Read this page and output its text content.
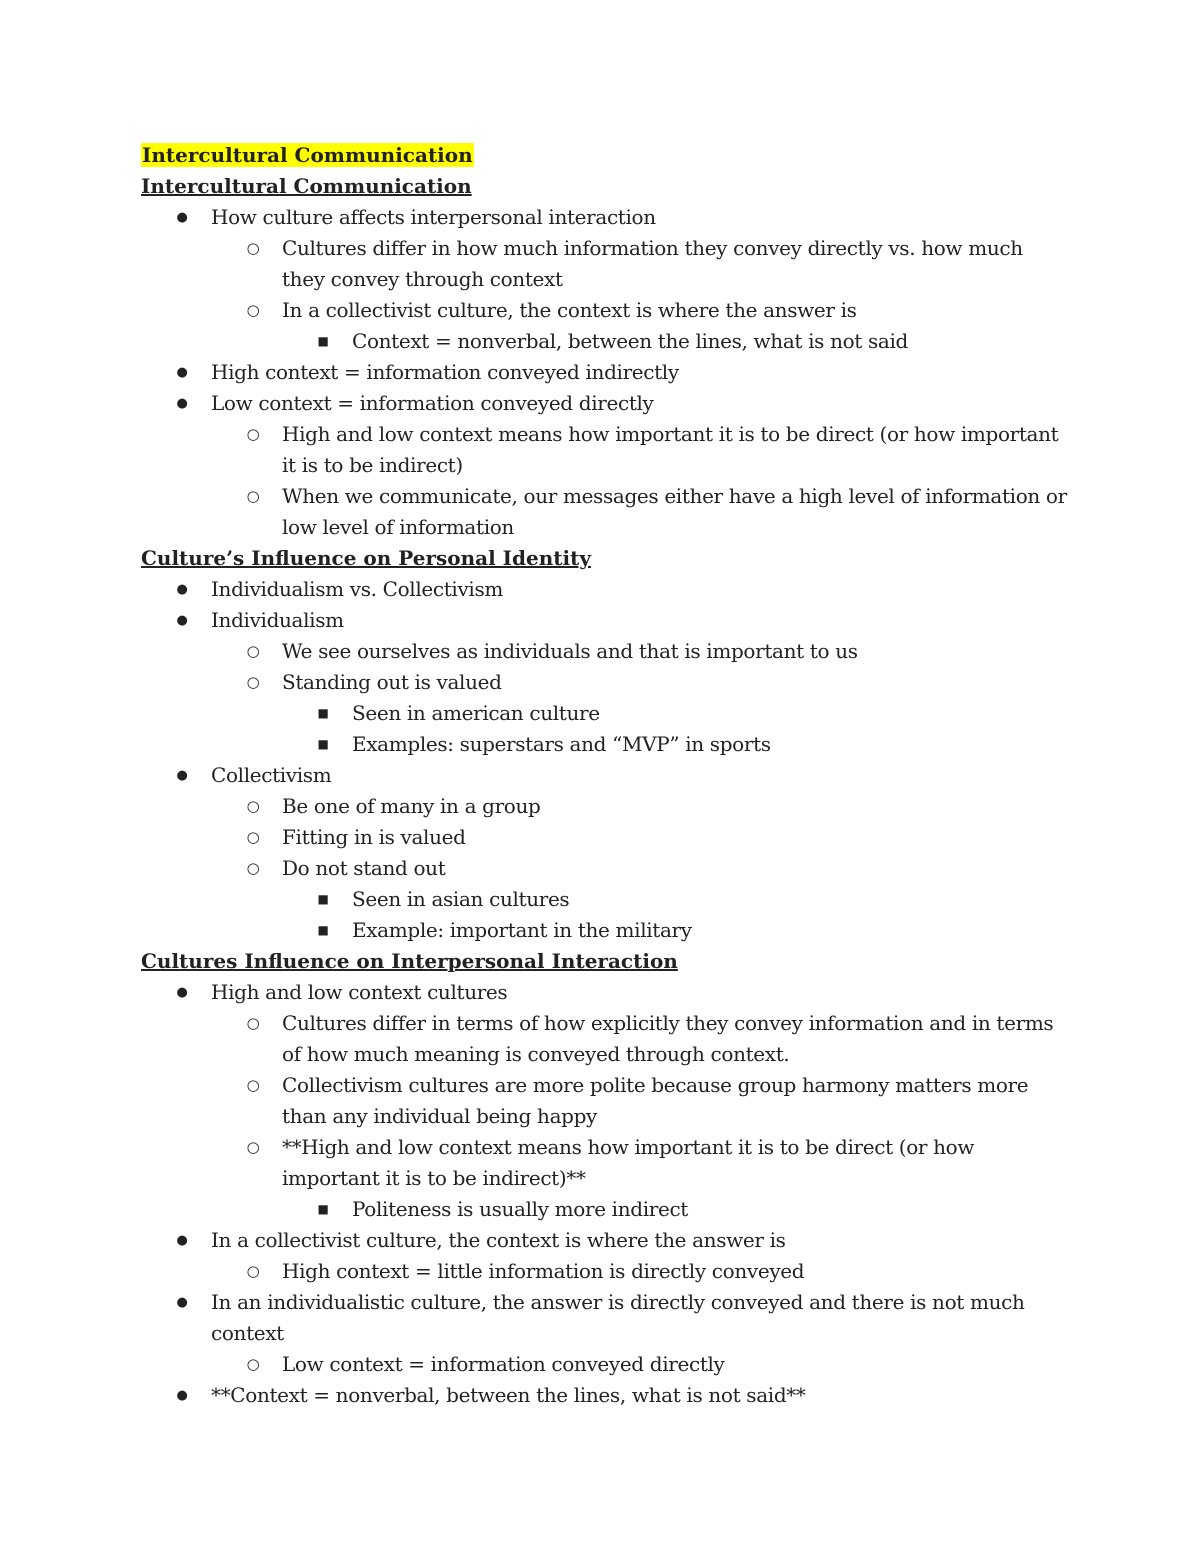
Intercultural Communication
Intercultural Communication
● How culture affects interpersonal interaction
○ Cultures differ in how much information they convey directly vs. how much they convey through context
○ In a collectivist culture, the context is where the answer is
■ Context = nonverbal, between the lines, what is not said
● High context = information conveyed indirectly
● Low context = information conveyed directly
○ High and low context means how important it is to be direct (or how important it is to be indirect)
○ When we communicate, our messages either have a high level of information or low level of information
Culture’s Influence on Personal Identity
● Individualism vs. Collectivism
● Individualism
○ We see ourselves as individuals and that is important to us
○ Standing out is valued
■ Seen in american culture
■ Examples: superstars and “MVP” in sports
● Collectivism
○ Be one of many in a group
○ Fitting in is valued
○ Do not stand out
■ Seen in asian cultures
■ Example: important in the military
Cultures Influence on Interpersonal Interaction
● High and low context cultures
○ Cultures differ in terms of how explicitly they convey information and in terms of how much meaning is conveyed through context.
○ Collectivism cultures are more polite because group harmony matters more than any individual being happy
○ **High and low context means how important it is to be direct (or how important it is to be indirect)**
■ Politeness is usually more indirect
● In a collectivist culture, the context is where the answer is
○ High context = little information is directly conveyed
● In an individualistic culture, the answer is directly conveyed and there is not much context
○ Low context = information conveyed directly
● **Context = nonverbal, between the lines, what is not said**
